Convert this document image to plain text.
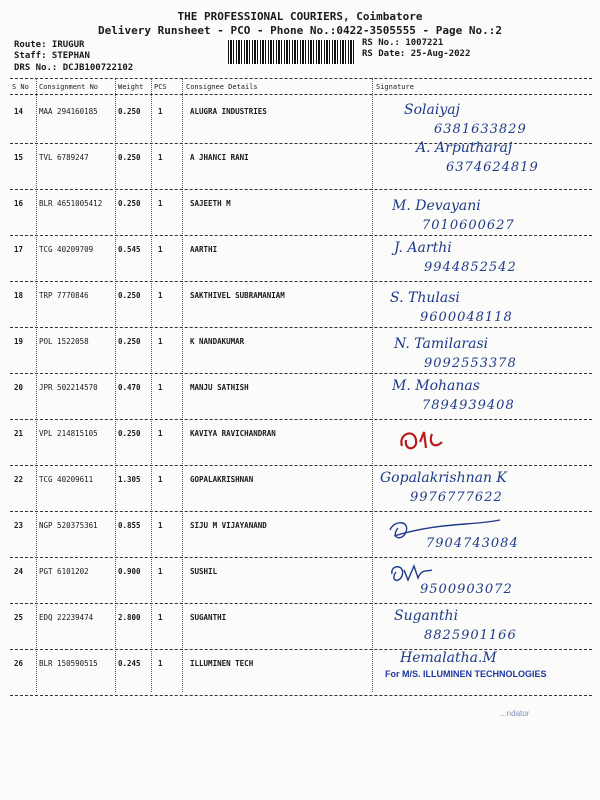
THE PROFESSIONAL COURIERS, Coimbatore
Delivery Runsheet - PCO - Phone No.:0422-3505555 - Page No.:2
Route: IRUGUR
Staff: STEPHAN
DRS No.: DCJB100722102
RS No.: 1007221
RS Date: 25-Aug-2022
S No Consignment No	Weight PCS	Consignee Details	Signature
14 MAA 294160185	0.250 1	ALUGRA INDUSTRIES	Solaiyaj
6381633829
15 TVL 6789247	0.250 1	A JHANCI RANI
A. Arputharaj
6374624819
16 BLR 4651005412 0.250 1	SAJEETH M	M. Devayani
7010600627
17 TCG 40209709	0.545 1	AARTHI	J. Aarthi
9944852542
18 TRP 7770846	0.250 1	SAKTHIVEL SUBRAMANIAM	S. Thulasi
9600048118
19 POL 1522058	0.250 1	K NANDAKUMAR	N. Tamilarasi
9092553378
20 JPR 502214570	0.470 1	MANJU SATHISH	M. Mohanas
7894939408
21 VPL 214815105	0.250 1	KAVIYA RAVICHANDRAN
22 TCG 40209611	1.305 1	GOPALAKRISHNAN	Gopalakrishnan K
9976777622
23 NGP 520375361	0.855 1	SIJU M VIJAYANAND
7904743084
24 PGT 6101202	0.900 1	SUSHIL
9500903072
25 EDQ 22239474	2.800 1	SUGANTHI	Suganthi
8825901166
26 BLR 150590515	0.245 1	ILLUMINEN TECH	Hemalatha.M
For M/S. ILLUMINEN TECHNOLOGIES
...ndator
